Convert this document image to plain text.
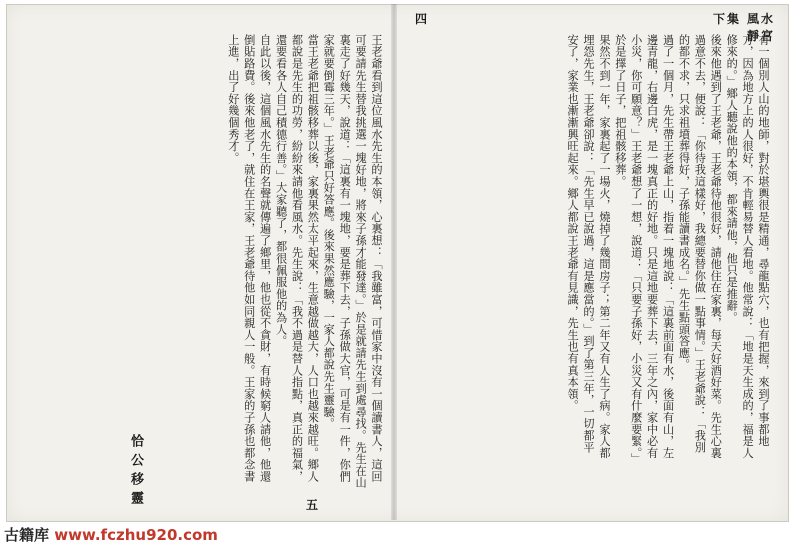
風水靜宮
下集
四
有一個別人山的地師，對於堪輿很是精通，尋龍點穴，也有把握，來到了事都地方，因為地方上的人很好，不肯輕易替人看地。他常說：「地是天生成的，福是人修來的。」鄉人聽說他的本領，都來請他，他只是推辭。
後來他遇到了王老爺，王老爺待他很好，請他住在家裏，每天好酒好菜。先生心裏過意不去，便說：「你待我這樣好，我總要替你做一點事情。」王老爺說：「我別的都不求，只求祖墳葬得好，子孫能讀書成名。」先生點頭答應。
過了一個月，先生帶王老爺上山，指着一塊地說：「這裏前面有水，後面有山，左邊青龍，右邊白虎，是一塊真正的好地。只是這地要葬下去，三年之內，家中必有小災，你可願意？」王老爺想了一想，說道：「只要子孫好，小災又有什麼要緊。」於是擇了日子，把祖骸移葬。
果然不到一年，家裏起了一場火，燒掉了幾間房子；第二年又有人生了病。家人都埋怨先生，王老爺卻說：「先生早已說過，這是應當的。」到了第三年，一切都平安了，家業也漸漸興旺起來。鄉人都說王老爺有見識，先生也有真本領。
王老爺看到這位風水先生的本領，心裏想：「我雖富，可惜家中沒有一個讀書人，這回可要請先生替我挑選一塊好地，將來子孫才能發達。」於是就請先生到處尋找。先生在山裏走了好幾天，說道：「這裏有一塊地，要是葬下去，子孫做大官，可是有一件，你們家就要倒霉三年。」王老爺只好答應。後來果然應驗，一家人都說先生靈驗。
當王老爺把祖骸移葬以後，家裏果然太平起來，生意越做越大，人口也越來越旺。鄉人都說是先生的功勞，紛紛來請他看風水。先生說：「我不過是替人指點，真正的福氣，還要看各人自己積德行善。」大家聽了，都很佩服他的為人。
自此以後，這個風水先生的名聲就傳遍了鄉里，他也從不貪財，有時候窮人請他，他還倒貼路費。後來他老了，就住在王家，王老爺待他如同親人一般。王家的子孫也都念書上進，出了好幾個秀才。
恰公移靈	五
古籍库 www.fczhu920.com
